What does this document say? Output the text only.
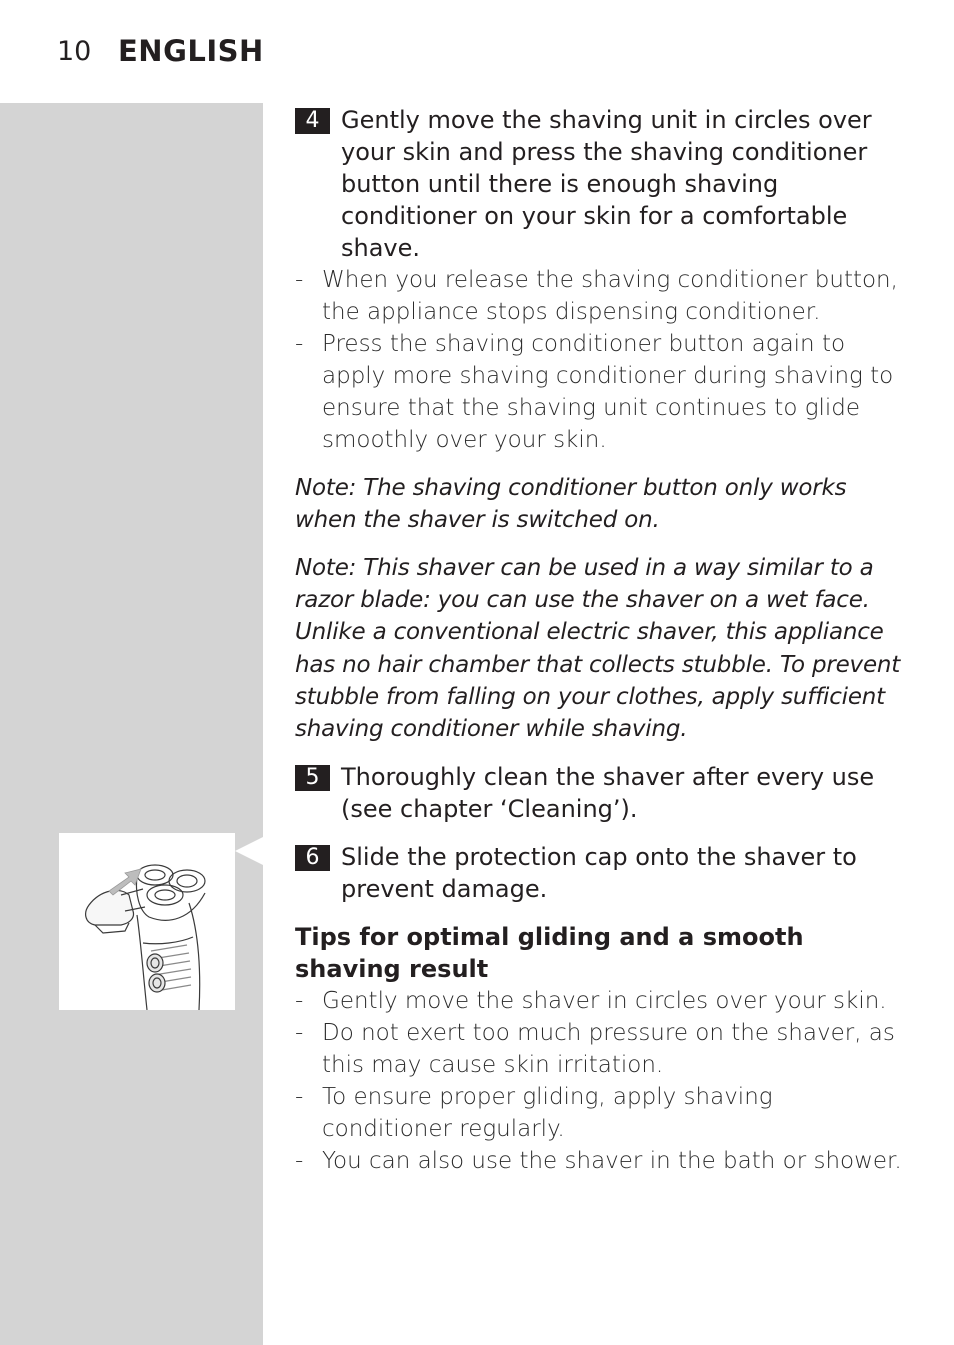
10 ENGLISH
4 Gently move the shaving unit in circles over your skin and press the shaving conditioner button until there is enough shaving conditioner on your skin for a comfortable shave.
- When you release the shaving conditioner button, the appliance stops dispensing conditioner.
- Press the shaving conditioner button again to apply more shaving conditioner during shaving to ensure that the shaving unit continues to glide smoothly over your skin.
Note: The shaving conditioner button only works when the shaver is switched on.
Note: This shaver can be used in a way similar to a razor blade: you can use the shaver on a wet face. Unlike a conventional electric shaver, this appliance has no hair chamber that collects stubble. To prevent stubble from falling on your clothes, apply sufficient shaving conditioner while shaving.
5 Thoroughly clean the shaver after every use (see chapter ‘Cleaning’).
6 Slide the protection cap onto the shaver to prevent damage.
Tips for optimal gliding and a smooth shaving result
- Gently move the shaver in circles over your skin.
- Do not exert too much pressure on the shaver, as this may cause skin irritation.
- To ensure proper gliding, apply shaving conditioner regularly.
- You can also use the shaver in the bath or shower.
